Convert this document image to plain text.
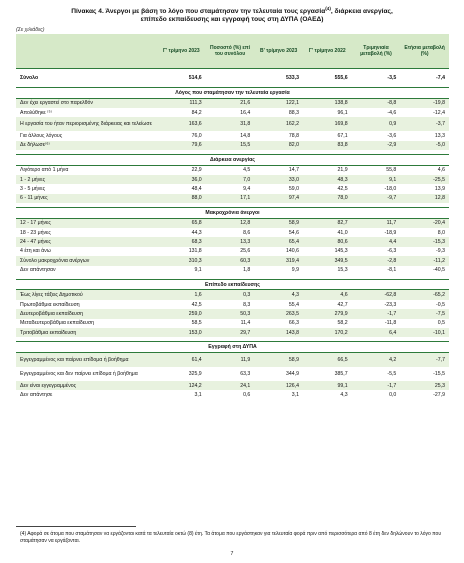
Πίνακας 4. Άνεργοι με βάση το λόγο που σταμάτησαν την τελευταία τους εργασία$^{(4)}$, διάρκεια ανεργίας,
επίπεδο εκπαίδευσης και εγγραφή τους στη ΔΥΠΑ (ΟΑΕΔ)
(Σε χιλιάδες)
	Γ' τρίμηνο 2023	Ποσοστό (%) επί του συνόλου	Β' τρίμηνο 2023	Γ' τρίμηνο 2022	Τριμηνιαία μεταβολή (%)	Ετήσια μεταβολή (%)

Σύνολο	514,6		533,3	555,6	-3,5	-7,4

Λόγος που σταμάτησαν την τελευταία εργασία						
Δεν έχει εργαστεί στο παρελθόν	111,3	21,6	122,1	138,8	-8,8	-19,8
Απολύθηκε ⁽⁵⁾	84,2	16,4	88,3	96,1	-4,6	-12,4
Η εργασία του ήταν περιορισμένης διάρκειας και τελείωσε	163,6	31,8	162,2	169,8	0,9	-3,7
Για άλλους λόγους	76,0	14,8	78,8	67,1	-3,6	13,3
Δε δήλωσε⁽⁶⁾	79,6	15,5	82,0	83,8	-2,9	-5,0

Διάρκεια ανεργίας						
Λιγότερο από 1 μήνα	22,9	4,5	14,7	21,9	55,8	4,6
1 - 2 μήνες	36,0	7,0	33,0	48,3	9,1	-25,5
3 - 5 μήνες	48,4	9,4	59,0	42,5	-18,0	13,9
6 - 11 μήνες	88,0	17,1	97,4	78,0	-9,7	12,8

Μακροχρόνια άνεργοι						
12 - 17 μήνες	65,8	12,8	58,9	82,7	11,7	-20,4
18 - 23 μήνες	44,3	8,6	54,6	41,0	-18,9	8,0
24 - 47 μήνες	68,3	13,3	65,4	80,6	4,4	-15,3
4 έτη και άνω	131,8	25,6	140,6	145,3	-6,3	-9,3
Σύνολο μακροχρόνια ανέργων	310,3	60,3	319,4	349,5	-2,8	-11,2
Δεν απάντησαν	9,1	1,8	9,9	15,3	-8,1	-40,5

Επίπεδο εκπαίδευσης						
Έως λίγες τάξεις Δημοτικού	1,6	0,3	4,3	4,6	-62,8	-65,2
Πρωτοβάθμια εκπαίδευση	42,5	8,3	55,4	42,7	-23,3	-0,5
Δευτεροβάθμια εκπαίδευση	259,0	50,3	263,5	279,9	-1,7	-7,5
Μεταδευτεροβάθμια εκπαίδευση	58,5	11,4	66,3	58,2	-11,8	0,5
Τριτοβάθμια εκπαίδευση	153,0	29,7	143,8	170,2	6,4	-10,1

Εγγραφή στη ΔΥΠΑ						
Εγγεγραμμένος και παίρνει επίδομα ή βοήθημα	61,4	11,9	58,9	66,5	4,2	-7,7
Εγγεγραμμένος και δεν παίρνει επίδομα ή βοήθημα	325,9	63,3	344,9	385,7	-5,5	-15,5
Δεν είναι εγγεγραμμένος	124,2	24,1	126,4	99,1	-1,7	25,3
Δεν απάντησε	3,1	0,6	3,1	4,3	0,0	-27,9
(4) Αφορά σε άτομα που σταμάτησαν να εργάζονται κατά τα τελευταία οκτώ (8) έτη. Τα άτομα που εργάστηκαν για τελευταία φορά πριν από περισσότερα από 8 έτη δεν δηλώνουν το λόγο που σταμάτησαν να εργάζονται.
7
